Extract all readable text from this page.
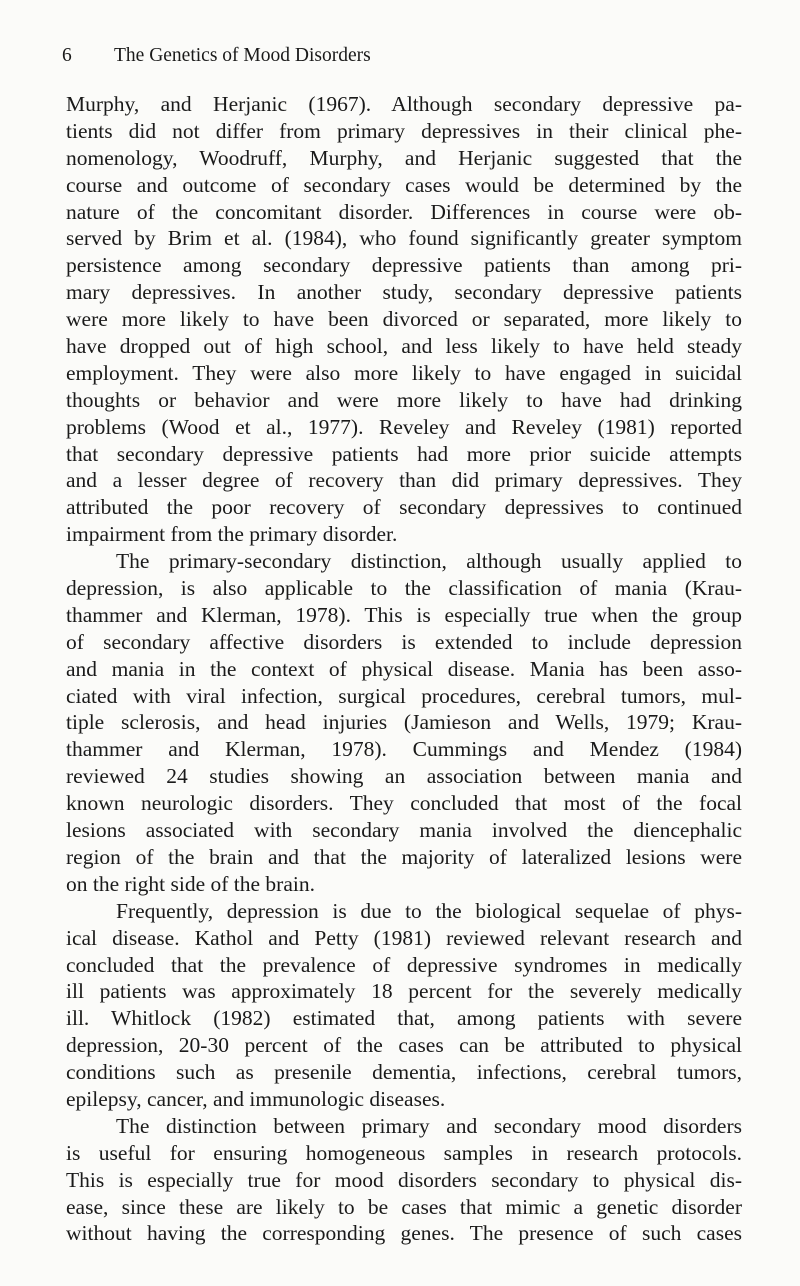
6 The Genetics of Mood Disorders
Murphy, and Herjanic (1967). Although secondary depressive pa-
tients did not differ from primary depressives in their clinical phe-
nomenology, Woodruff, Murphy, and Herjanic suggested that the
course and outcome of secondary cases would be determined by the
nature of the concomitant disorder. Differences in course were ob-
served by Brim et al. (1984), who found significantly greater symptom
persistence among secondary depressive patients than among pri-
mary depressives. In another study, secondary depressive patients
were more likely to have been divorced or separated, more likely to
have dropped out of high school, and less likely to have held steady
employment. They were also more likely to have engaged in suicidal
thoughts or behavior and were more likely to have had drinking
problems (Wood et al., 1977). Reveley and Reveley (1981) reported
that secondary depressive patients had more prior suicide attempts
and a lesser degree of recovery than did primary depressives. They
attributed the poor recovery of secondary depressives to continued
impairment from the primary disorder.
The primary-secondary distinction, although usually applied to
depression, is also applicable to the classification of mania (Krau-
thammer and Klerman, 1978). This is especially true when the group
of secondary affective disorders is extended to include depression
and mania in the context of physical disease. Mania has been asso-
ciated with viral infection, surgical procedures, cerebral tumors, mul-
tiple sclerosis, and head injuries (Jamieson and Wells, 1979; Krau-
thammer and Klerman, 1978). Cummings and Mendez (1984)
reviewed 24 studies showing an association between mania and
known neurologic disorders. They concluded that most of the focal
lesions associated with secondary mania involved the diencephalic
region of the brain and that the majority of lateralized lesions were
on the right side of the brain.
Frequently, depression is due to the biological sequelae of phys-
ical disease. Kathol and Petty (1981) reviewed relevant research and
concluded that the prevalence of depressive syndromes in medically
ill patients was approximately 18 percent for the severely medically
ill. Whitlock (1982) estimated that, among patients with severe
depression, 20-30 percent of the cases can be attributed to physical
conditions such as presenile dementia, infections, cerebral tumors,
epilepsy, cancer, and immunologic diseases.
The distinction between primary and secondary mood disorders
is useful for ensuring homogeneous samples in research protocols.
This is especially true for mood disorders secondary to physical dis-
ease, since these are likely to be cases that mimic a genetic disorder
without having the corresponding genes. The presence of such cases
